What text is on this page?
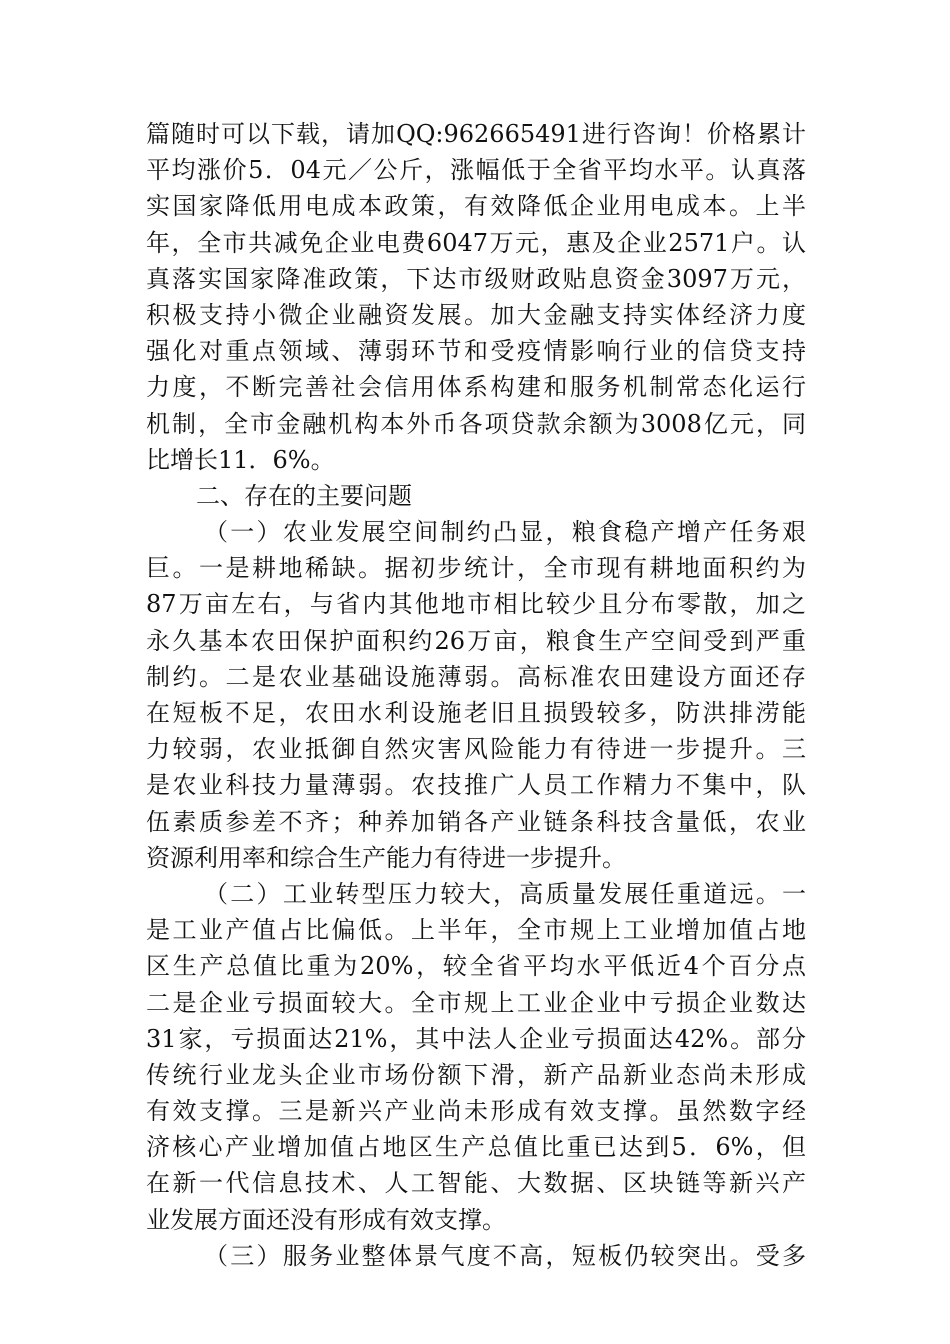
篇随时可以下载，请加QQ:962665491进行咨询！价格累计
平均涨价5．04元／公斤，涨幅低于全省平均水平。认真落
实国家降低用电成本政策，有效降低企业用电成本。上半
年，全市共减免企业电费6047万元，惠及企业2571户。认
真落实国家降准政策，下达市级财政贴息资金3097万元，
积极支持小微企业融资发展。加大金融支持实体经济力度
强化对重点领域、薄弱环节和受疫情影响行业的信贷支持
力度，不断完善社会信用体系构建和服务机制常态化运行
机制，全市金融机构本外币各项贷款余额为3008亿元，同
比增长11．6%。
二、存在的主要问题
（一）农业发展空间制约凸显，粮食稳产增产任务艰
巨。一是耕地稀缺。据初步统计，全市现有耕地面积约为
87万亩左右，与省内其他地市相比较少且分布零散，加之
永久基本农田保护面积约26万亩，粮食生产空间受到严重
制约。二是农业基础设施薄弱。高标准农田建设方面还存
在短板不足，农田水利设施老旧且损毁较多，防洪排涝能
力较弱，农业抵御自然灾害风险能力有待进一步提升。三
是农业科技力量薄弱。农技推广人员工作精力不集中，队
伍素质参差不齐；种养加销各产业链条科技含量低，农业
资源利用率和综合生产能力有待进一步提升。
（二）工业转型压力较大，高质量发展任重道远。一
是工业产值占比偏低。上半年，全市规上工业增加值占地
区生产总值比重为20%，较全省平均水平低近4个百分点
二是企业亏损面较大。全市规上工业企业中亏损企业数达
31家，亏损面达21%，其中法人企业亏损面达42%。部分
传统行业龙头企业市场份额下滑，新产品新业态尚未形成
有效支撑。三是新兴产业尚未形成有效支撑。虽然数字经
济核心产业增加值占地区生产总值比重已达到5．6%，但
在新一代信息技术、人工智能、大数据、区块链等新兴产
业发展方面还没有形成有效支撑。
（三）服务业整体景气度不高，短板仍较突出。受多
